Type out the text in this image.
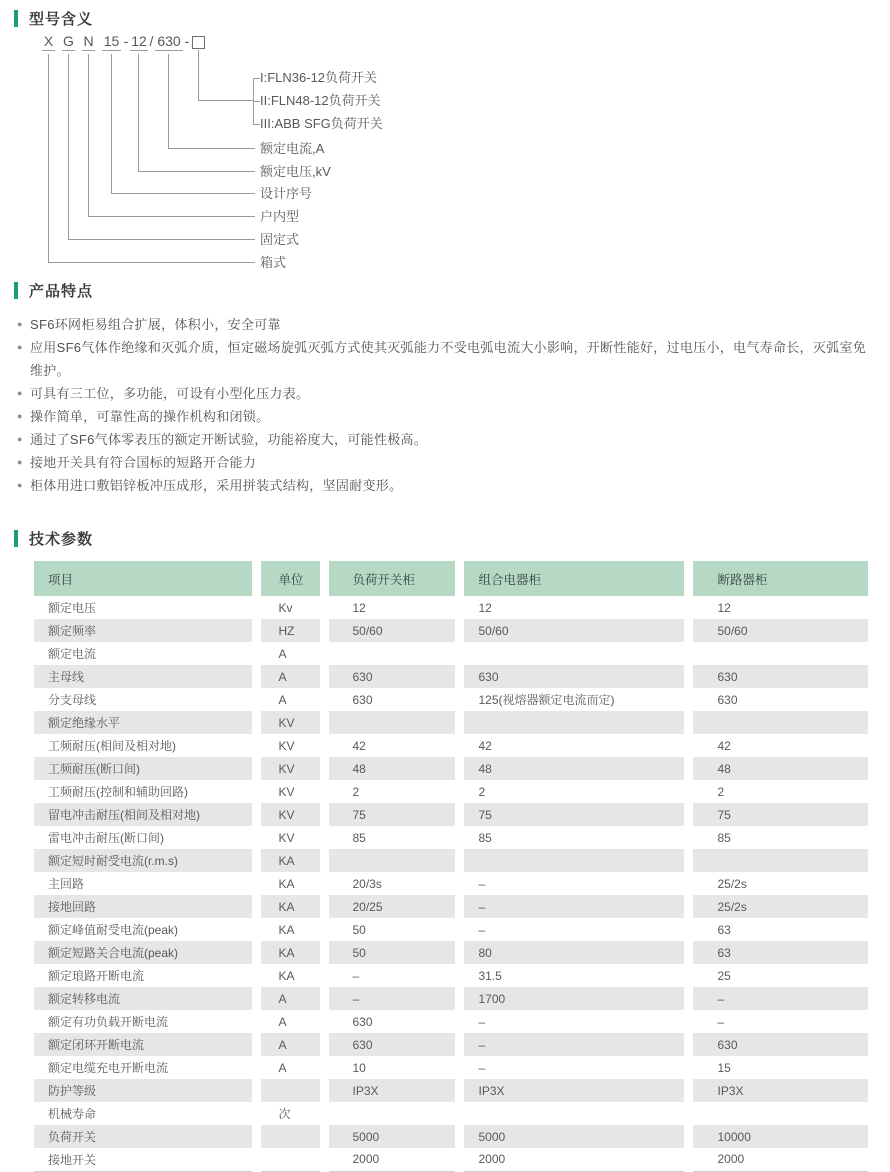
型号含义
X G N 15 - 12 / 630 -
I:FLN36-12负荷开关
II:FLN48-12负荷开关
III:ABB SFG负荷开关
额定电流,A
额定电压,kV
设计序号
户内型
固定式
箱式
产品特点
● SF6环网柜易组合扩展，体积小，安全可靠
● 应用SF6气体作绝缘和灭弧介质，恒定磁场旋弧灭弧方式使其灭弧能力不受电弧电流大小影响，开断性能好，过电压小，电气寿命长，灭弧室免维护。
● 可具有三工位，多功能，可设有小型化压力表。
● 操作简单，可靠性高的操作机构和闭锁。
● 通过了SF6气体零表压的额定开断试验，功能裕度大，可能性极高。
● 接地开关具有符合国标的短路开合能力
● 柜体用进口敷铝锌板冲压成形，采用拼装式结构，坚固耐变形。
技术参数
项目	单位	负荷开关柜	组合电器柜	断路器柜
额定电压	Kv	12	12	12
额定频率	HZ	50/60	50/60	50/60
额定电流	A			
主母线	A	630	630	630
分支母线	A	630	125(视熔器额定电流而定)	630
额定绝缘水平	KV			
工频耐压(相间及相对地)	KV	42	42	42
工频耐压(断口间)	KV	48	48	48
工频耐压(控制和辅助回路)	KV	2	2	2
留电冲击耐压(相间及相对地)	KV	75	75	75
雷电冲击耐压(断口间)	KV	85	85	85
额定短时耐受电流(r.m.s)	KA			
主回路	KA	20/3s	–	25/2s
接地回路	KA	20/25	–	25/2s
额定峰值耐受电流(peak)	KA	50	–	63
额定短路关合电流(peak)	KA	50	80	63
额定琅路开断电流	KA	–	31.5	25
额定转移电流	A	–	1700	–
额定有功负载开断电流	A	630	–	–
额定闭环开断电流	A	630	–	630
额定电缆充电开断电流	A	10	–	15
防护等级		IP3X	IP3X	IP3X
机械寿命	次			
负荷开关		5000	5000	10000
接地开关		2000	2000	2000
